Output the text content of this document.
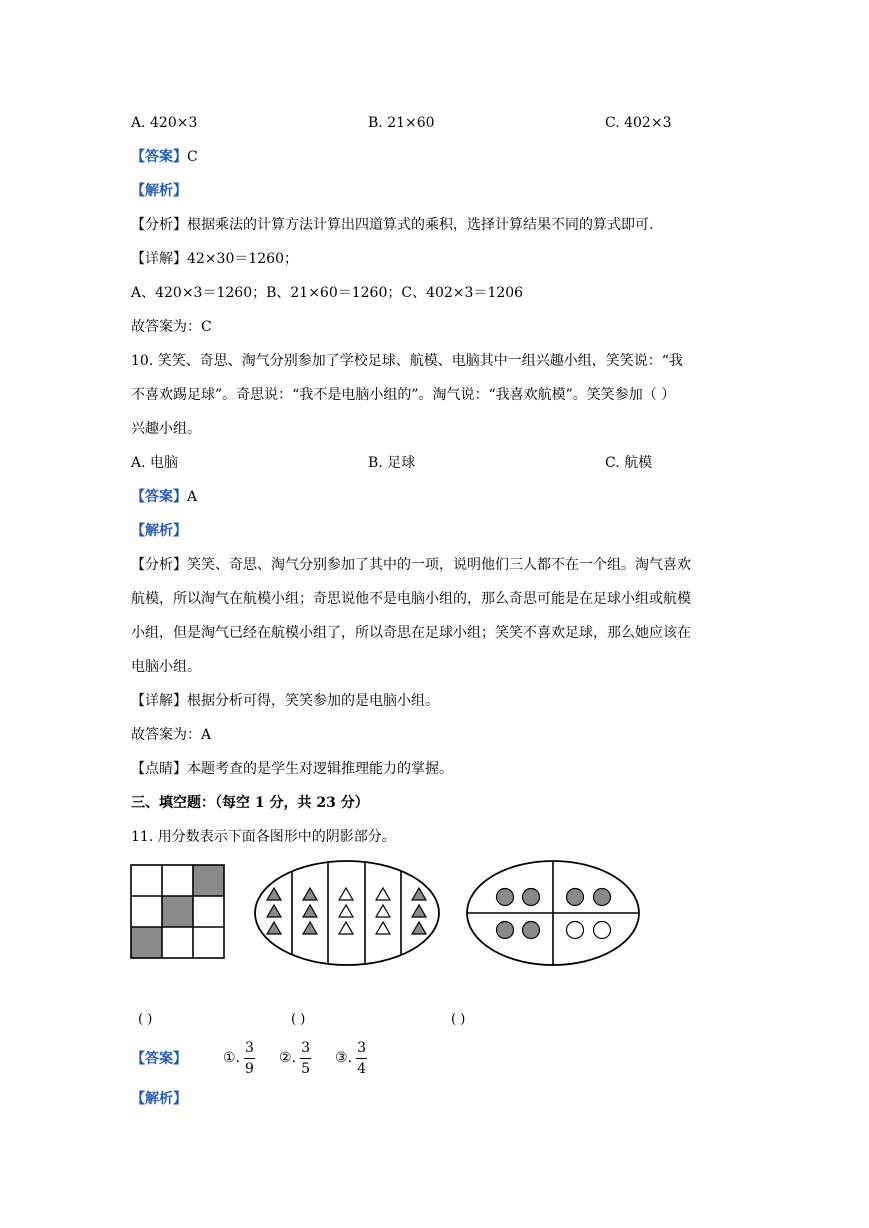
A. 420×3	B. 21×60	C. 402×3
【答案】C
【解析】
【分析】根据乘法的计算方法计算出四道算式的乘积，选择计算结果不同的算式即可.
【详解】42×30＝1260；
A、420×3＝1260；B、21×60＝1260；C、402×3＝1206
故答案为：C
10. 笑笑、奇思、淘气分别参加了学校足球、航模、电脑其中一组兴趣小组，笑笑说：“我
不喜欢踢足球”。奇思说：“我不是电脑小组的”。淘气说：“我喜欢航模”。笑笑参加（ ）
兴趣小组。
A. 电脑	B. 足球	C. 航模
【答案】A
【解析】
【分析】笑笑、奇思、淘气分别参加了其中的一项，说明他们三人都不在一个组。淘气喜欢
航模，所以淘气在航模小组；奇思说他不是电脑小组的，那么奇思可能是在足球小组或航模
小组，但是淘气已经在航模小组了，所以奇思在足球小组；笑笑不喜欢足球，那么她应该在
电脑小组。
【详解】根据分析可得，笑笑参加的是电脑小组。
故答案为：A
【点睛】本题考查的是学生对逻辑推理能力的掌握。
三、填空题：（每空 1 分，共 23 分）
11. 用分数表示下面各图形中的阴影部分。
( )	( )	( )
【答案】	①. $\frac{3}{9}$ ②. $\frac{3}{5}$ ③. $\frac{3}{4}$
【解析】
